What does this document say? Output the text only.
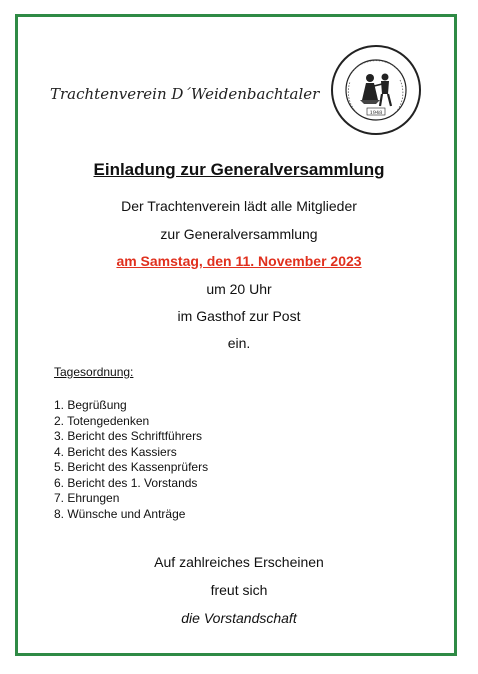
Trachtenverein D´Weidenbachtaler
1948
Einladung zur Generalversammlung
Der Trachtenverein lädt alle Mitglieder
zur Generalversammlung
am Samstag, den 11. November 2023
um 20 Uhr
im Gasthof zur Post
ein.
Tagesordnung:
1. Begrüßung
2. Totengedenken
3. Bericht des Schriftführers
4. Bericht des Kassiers
5. Bericht des Kassenprüfers
6. Bericht des 1. Vorstands
7. Ehrungen
8. Wünsche und Anträge
Auf zahlreiches Erscheinen
freut sich
die Vorstandschaft
